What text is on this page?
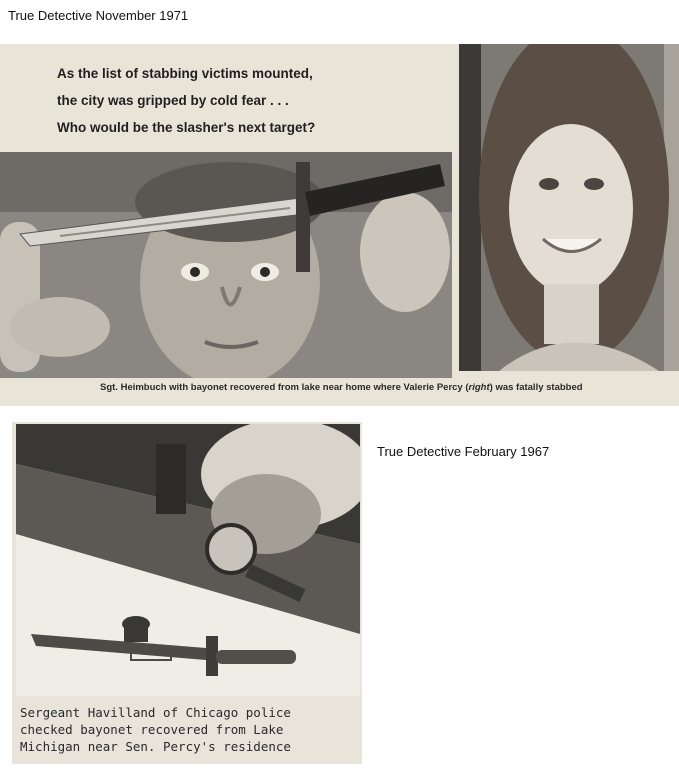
True Detective November 1971
As the list of stabbing victims mounted,
the city was gripped by cold fear . . .
Who would be the slasher's next target?
Sgt. Heimbuch with bayonet recovered from lake near home where Valerie Percy (right) was fatally stabbed
True Detective February 1967
Sergeant Havilland of Chicago police
checked bayonet recovered from Lake
Michigan near Sen. Percy's residence
